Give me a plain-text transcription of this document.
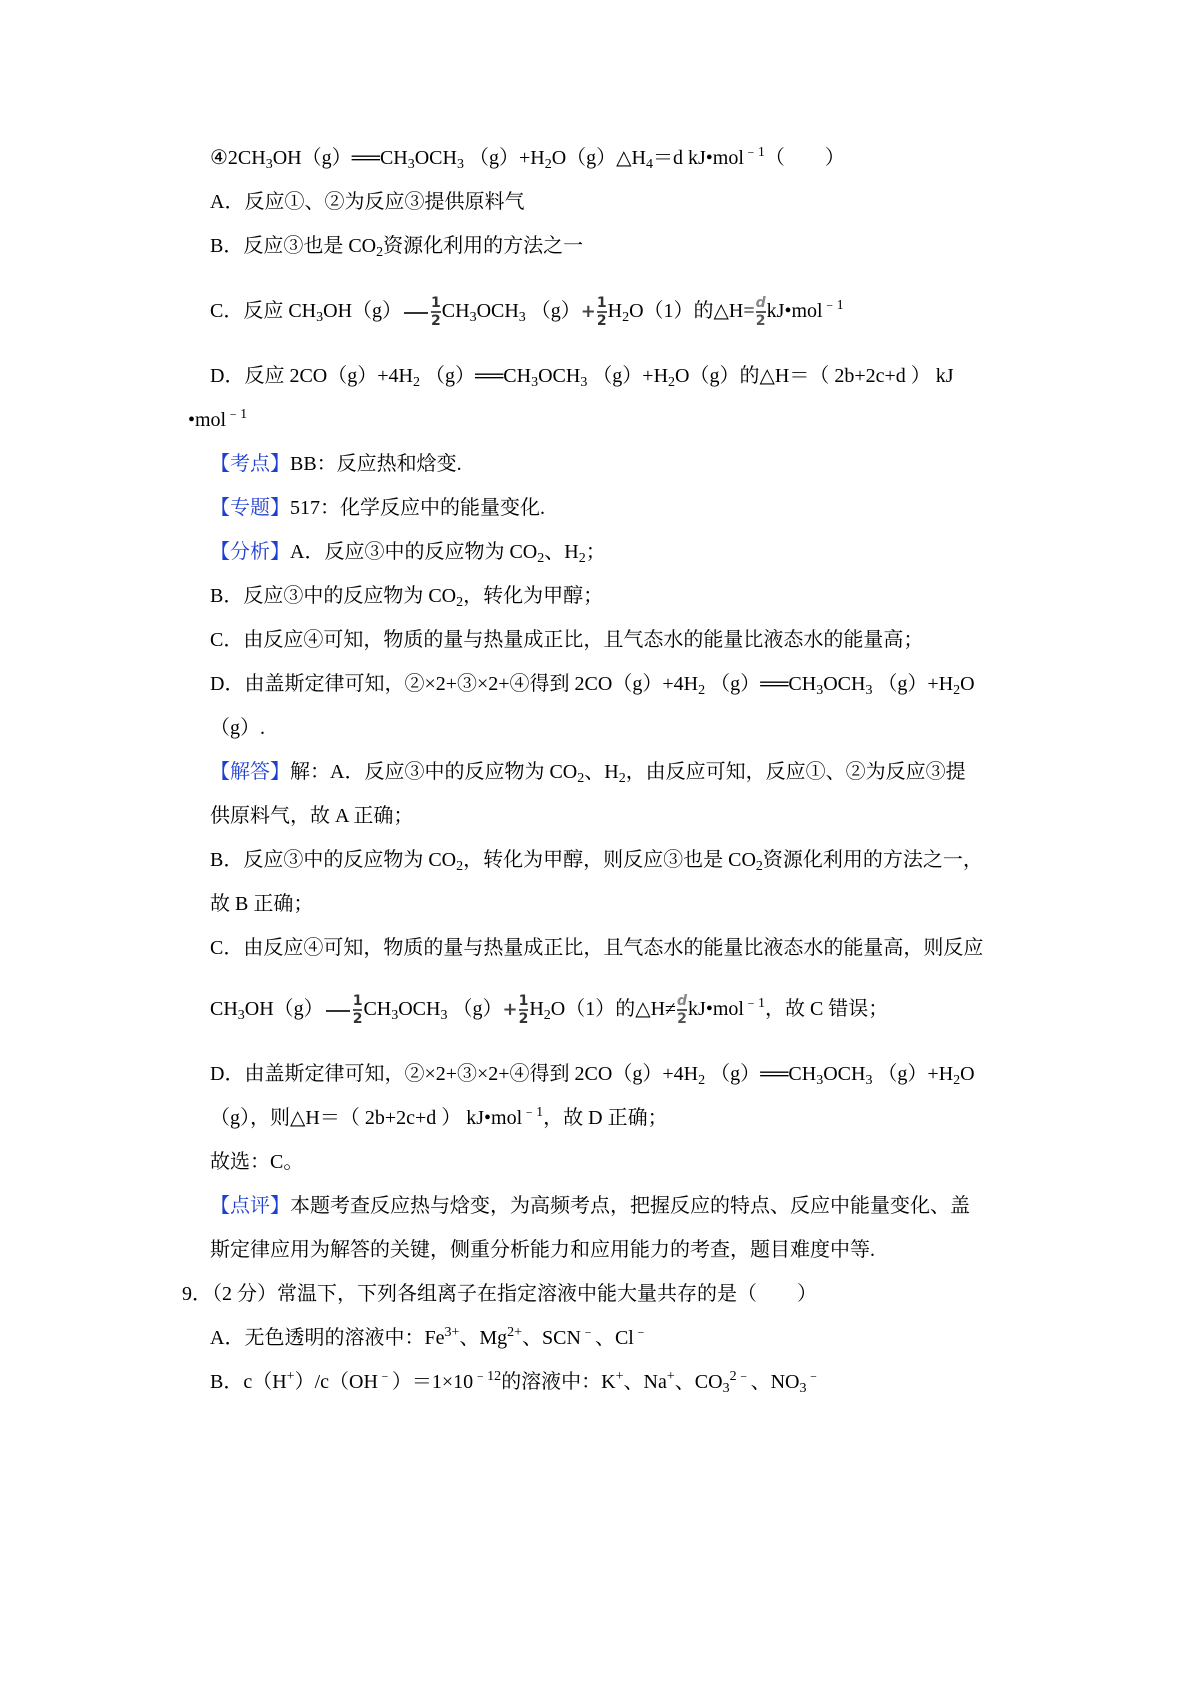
$④2CH_3OH(g)══CH_3OCH_3$ $(g)+H_2O(g)\triangle H_4=d$ kJ•mol$^{﹣1}$（　　）
A．反应①、②为反应③提供原料气
B．反应③也是 $CO_2$资源化利用的方法之一
C．反应 $CH_3OH(g) \frac{1}{2} CH_3OCH_3$ $(g)+ \frac{1}{2} H_2O(1)$的△H= $\frac{d}{2}$ kJ•mol$^{﹣1}$
D．反应 $2CO(g)+4H_2$ $(g)══CH_3OCH_3$ $(g)+H_2O(g)$的△H＝（ 2b+2c+d ） kJ
•mol$^{﹣1}$
【考点】BB：反应热和焓变.
【专题】517：化学反应中的能量变化.
【分析】A．反应③中的反应物为 $CO_2$、$H_2$；
B．反应③中的反应物为 $CO_2$，转化为甲醇；
C．由反应④可知，物质的量与热量成正比，且气态水的能量比液态水的能量高；
D．由盖斯定律可知，②×2+③×2+④得到 $2CO(g)+4H_2$ $(g)══CH_3OCH_3$ $(g)+H_2O$
（g）.
【解答】解：A．反应③中的反应物为 $CO_2$、$H_2$，由反应可知，反应①、②为反应③提
供原料气，故 A 正确；
B．反应③中的反应物为 $CO_2$，转化为甲醇，则反应③也是 $CO_2$资源化利用的方法之一，
故 B 正确；
C．由反应④可知，物质的量与热量成正比，且气态水的能量比液态水的能量高，则反应
$CH_3OH(g) \frac{1}{2} CH_3OCH_3$ $(g)+ \frac{1}{2} H_2O(1)$的△H≠ $\frac{d}{2}$ kJ•mol$^{﹣1}$，故 C 错误；
D．由盖斯定律可知，②×2+③×2+④得到 $2CO(g)+4H_2$ $(g)══CH_3OCH_3$ $(g)+H_2O$
（g），则△H＝（ 2b+2c+d ） kJ•mol$^{﹣1}$，故 D 正确；
故选：C。
【点评】本题考查反应热与焓变，为高频考点，把握反应的特点、反应中能量变化、盖
斯定律应用为解答的关键，侧重分析能力和应用能力的考查，题目难度中等.
9．（2 分）常温下，下列各组离子在指定溶液中能大量共存的是（　　）
A．无色透明的溶液中：$Fe^{3+}$、$Mg^{2+}$、SCN﹣、Cl﹣
B．$c(H^+)/c(OH^﹣)=1\times 10^{﹣12}$的溶液中：K+、Na+、$CO_3^{2﹣}$、$NO_3^﹣$
